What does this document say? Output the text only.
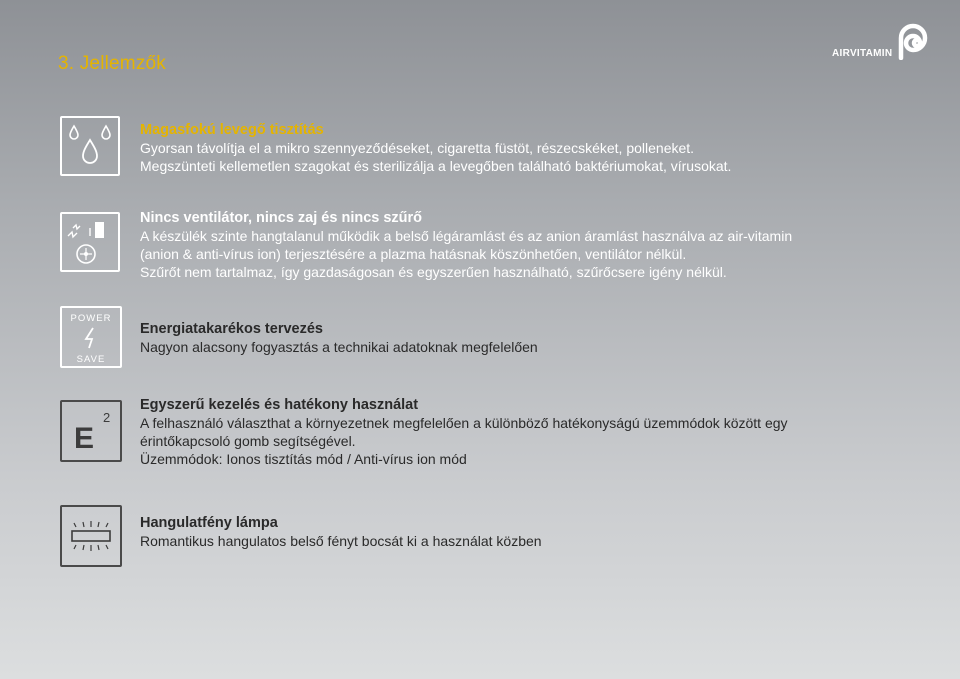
3. Jellemzők	AIRVITAMIN
Magasfokú levegő tisztítás

Gyorsan távolítja el a mikro szennyeződéseket, cigaretta füstöt, részecskéket, polleneket.

Megszünteti kellemetlen szagokat és sterilizálja a levegőben található baktériumokat, vírusokat.

Nincs ventilátor, nincs zaj és nincs szűrő

A készülék szinte hangtalanul működik a belső légáramlást és az anion áramlást használva az air-vitamin

(anion & anti-vírus ion) terjesztésére a plazma hatásnak köszönhetően, ventilátor nélkül.

Szűrőt nem tartalmaz, így gazdaságosan és egyszerűen használható, szűrőcsere igény nélkül.

POWER
SAVE
Energiatakarékos tervezés

Nagyon alacsony fogyasztás a technikai adatoknak megfelelően

E
2
Egyszerű kezelés és hatékony használat

A felhasználó választhat a környezetnek megfelelően a különböző hatékonyságú üzemmódok között egy

érintőkapcsoló gomb segítségével.

Üzemmódok: Ionos tisztítás mód / Anti-vírus ion mód

Hangulatfény lámpa

Romantikus hangulatos belső fényt bocsát ki a használat közben
